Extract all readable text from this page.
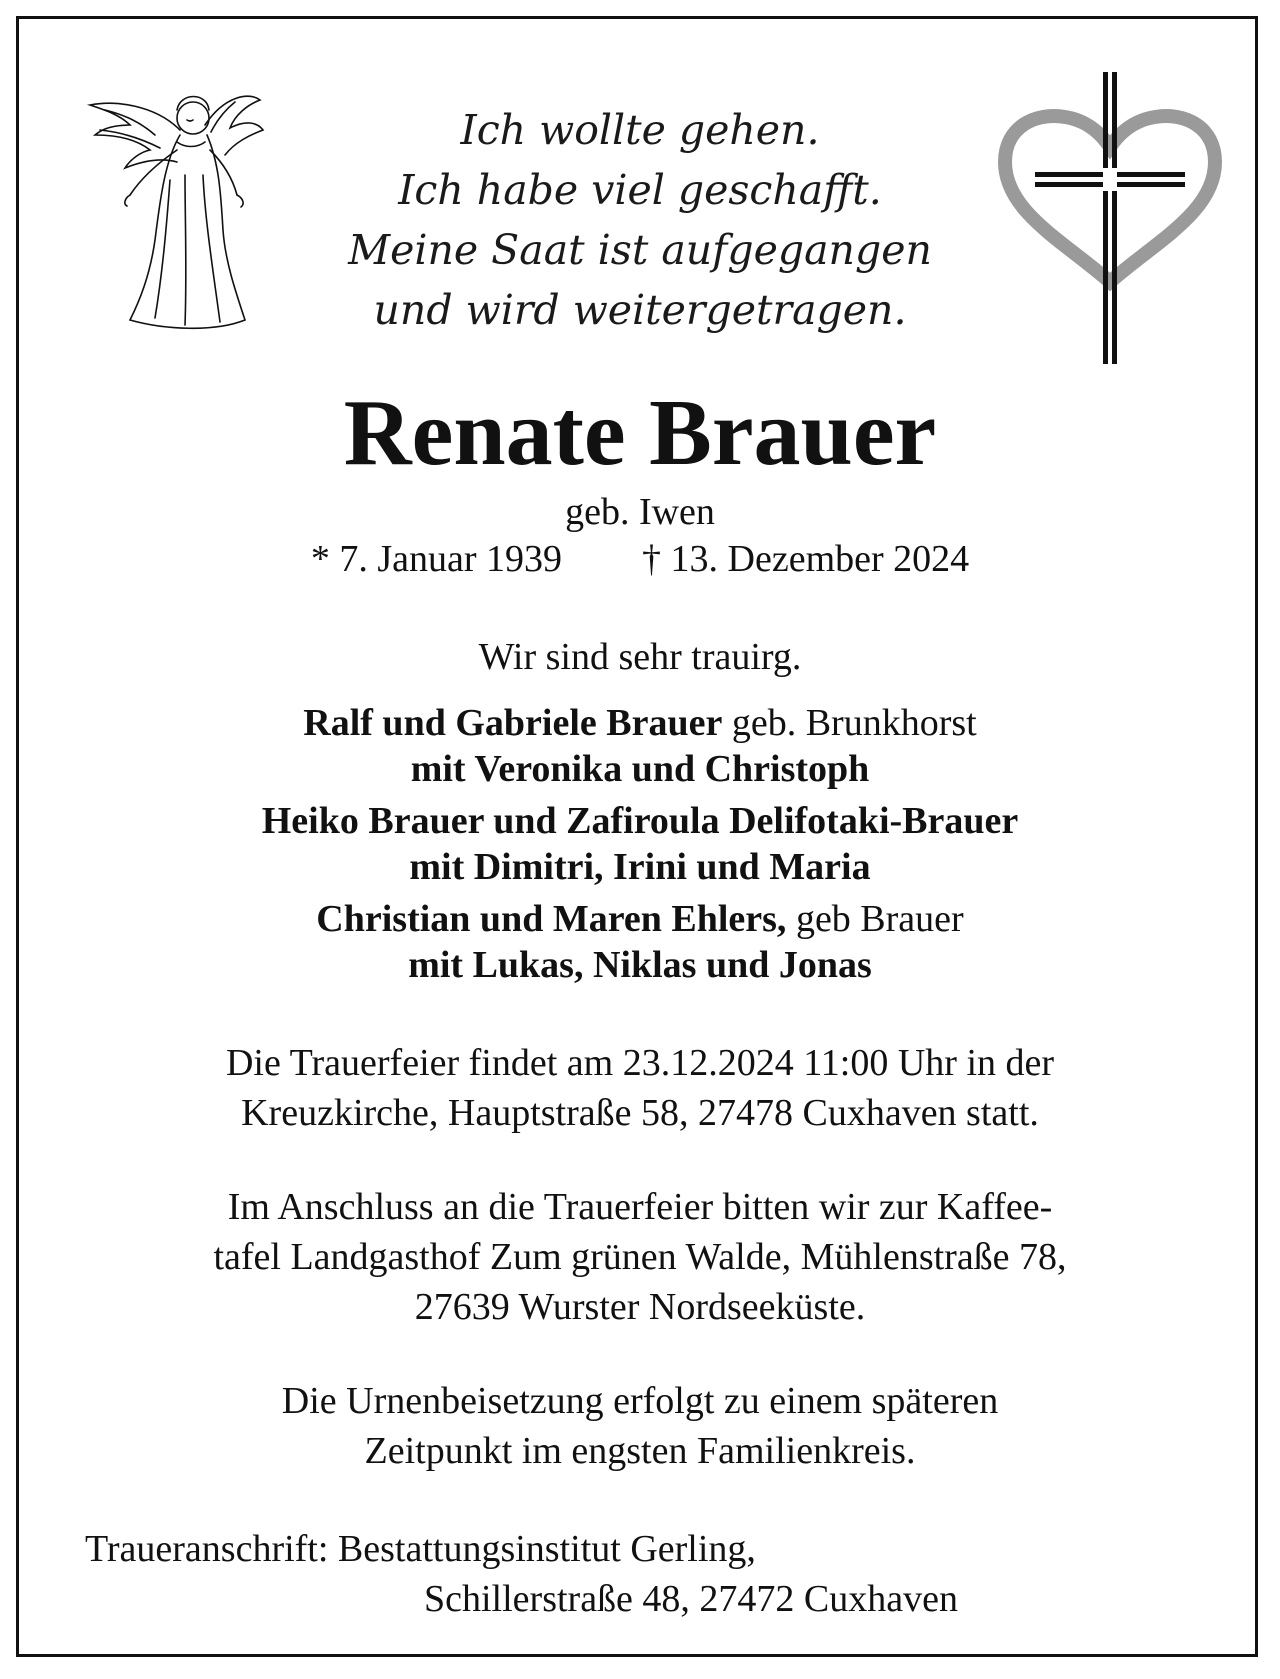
Ich wollte gehen.
Ich habe viel geschafft.
Meine Saat ist aufgegangen
und wird weitergetragen.
Renate Brauer
geb. Iwen
* 7. Januar 1939 † 13. Dezember 2024
Wir sind sehr trauirg.
Ralf und Gabriele Brauer geb. Brunkhorst
mit Veronika und Christoph
Heiko Brauer und Zafiroula Delifotaki-Brauer
mit Dimitri, Irini und Maria
Christian und Maren Ehlers, geb Brauer
mit Lukas, Niklas und Jonas
Die Trauerfeier findet am 23.12.2024 11:00 Uhr in der
Kreuzkirche, Hauptstraße 58, 27478 Cuxhaven statt.
Im Anschluss an die Trauerfeier bitten wir zur Kaffee-
tafel Landgasthof Zum grünen Walde, Mühlenstraße 78,
27639 Wurster Nordseeküste.
Die Urnenbeisetzung erfolgt zu einem späteren
Zeitpunkt im engsten Familienkreis.
Traueranschrift: Bestattungsinstitut Gerling,
Schillerstraße 48, 27472 Cuxhaven
